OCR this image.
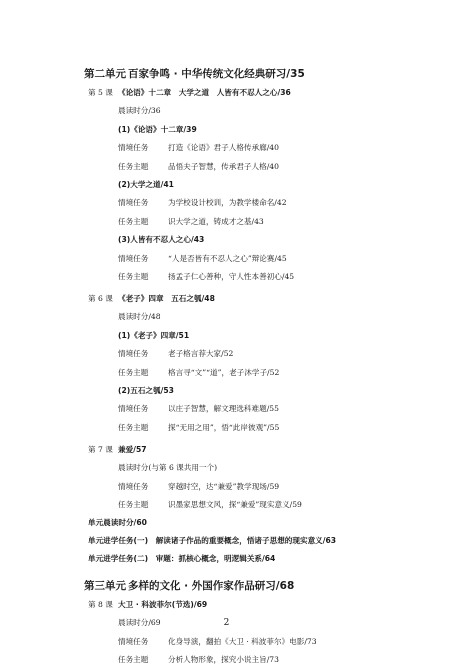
第二单元 百家争鸣 · 中华传统文化经典研习/35
第 5 课 《论语》十二章　大学之道　人皆有不忍人之心/36
晨读时分/36
(1)《论语》十二章/39
情境任务	打造《论语》君子人格传承廊/40
任务主题	品悟夫子智慧，传承君子人格/40
(2)大学之道/41
情境任务	为学校设计校训，为教学楼命名/42
任务主题	识大学之道，铸成才之基/43
(3)人皆有不忍人之心/43
情境任务	“人是否皆有不忍人之心”辩论赛/45
任务主题	扬孟子仁心善种，守人性本善初心/45
第 6 课 《老子》四章　五石之瓠/48
晨读时分/48
(1)《老子》四章/51
情境任务	老子格言荐大家/52
任务主题	格言寻“文”“道”，老子沐学子/52
(2)五石之瓠/53
情境任务	以庄子智慧，解文理选科难题/55
任务主题	探“无用之用”，悟“此岸彼观”/55
第 7 课 兼爱/57
晨读时分(与第 6 课共用一个)
情境任务	穿越时空，达“兼爱”教学现场/59
任务主题	识墨家思想文风，探“兼爱”现实意义/59
单元晨读时分/60
单元进学任务(一)　解读诸子作品的重要概念，悟诸子思想的现实意义/63
单元进学任务(二)　审题：抓核心概念，明逻辑关系/64
第三单元 多样的文化 · 外国作家作品研习/68
第 8 课 大卫 · 科波菲尔(节选)/69
2
晨读时分/69
情境任务	化身导演，翻拍《大卫 · 科波菲尔》电影/73
任务主题	分析人物形象，探究小说主旨/73
